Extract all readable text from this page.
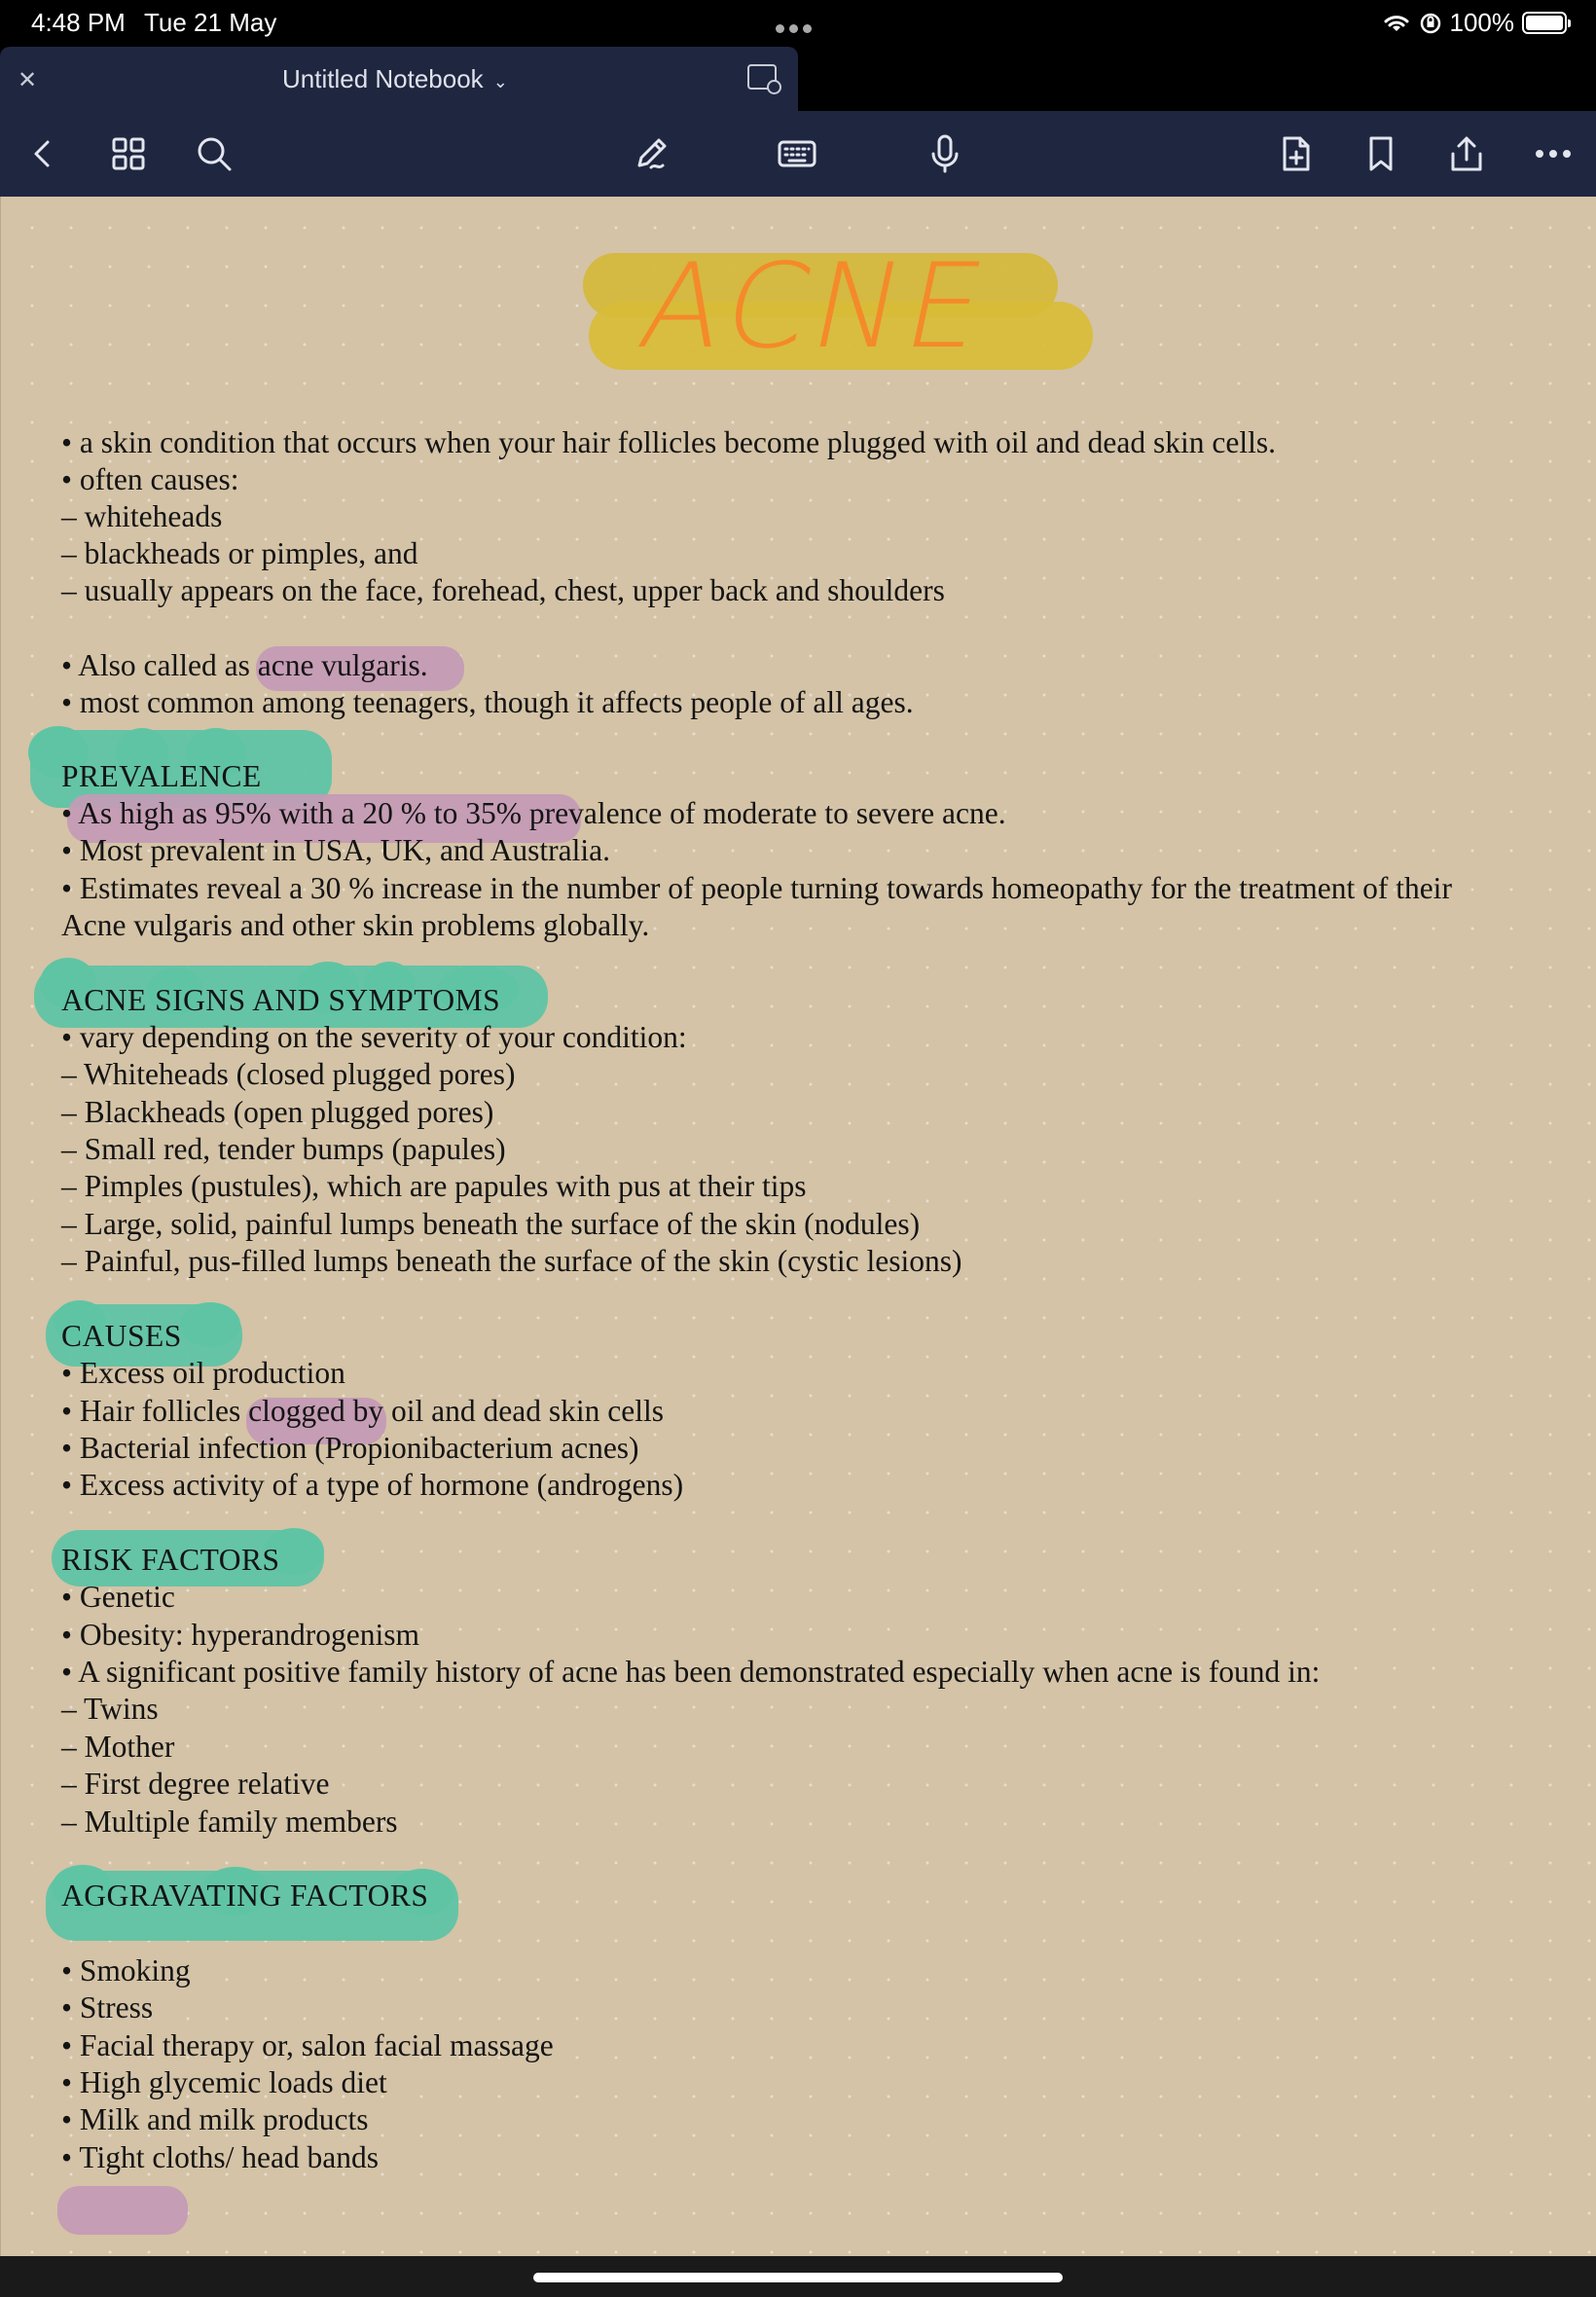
4:48 PM Tue 21 May	100%
✕	Untitled Notebook ⌄
ACNE
• a skin condition that occurs when your hair follicles become plugged with oil and dead skin cells.
• often causes:
– whiteheads
– blackheads or pimples, and
– usually appears on the face, forehead, chest, upper back and shoulders
• Also called as acne vulgaris.
• most common among teenagers, though it affects people of all ages.
PREVALENCE
• As high as 95% with a 20 % to 35% prevalence of moderate to severe acne.
• Most prevalent in USA, UK, and Australia.
• Estimates reveal a 30 % increase in the number of people turning towards homeopathy for the treatment of their
Acne vulgaris and other skin problems globally.
ACNE SIGNS AND SYMPTOMS
• vary depending on the severity of your condition:
– Whiteheads (closed plugged pores)
– Blackheads (open plugged pores)
– Small red, tender bumps (papules)
– Pimples (pustules), which are papules with pus at their tips
– Large, solid, painful lumps beneath the surface of the skin (nodules)
– Painful, pus-filled lumps beneath the surface of the skin (cystic lesions)
CAUSES
• Excess oil production
• Hair follicles clogged by oil and dead skin cells
• Bacterial infection (Propionibacterium acnes)
• Excess activity of a type of hormone (androgens)
RISK FACTORS
• Genetic
• Obesity: hyperandrogenism
• A significant positive family history of acne has been demonstrated especially when acne is found in:
– Twins
– Mother
– First degree relative
– Multiple family members
AGGRAVATING FACTORS
• Smoking
• Stress
• Facial therapy or, salon facial massage
• High glycemic loads diet
• Milk and milk products
• Tight cloths/ head bands
